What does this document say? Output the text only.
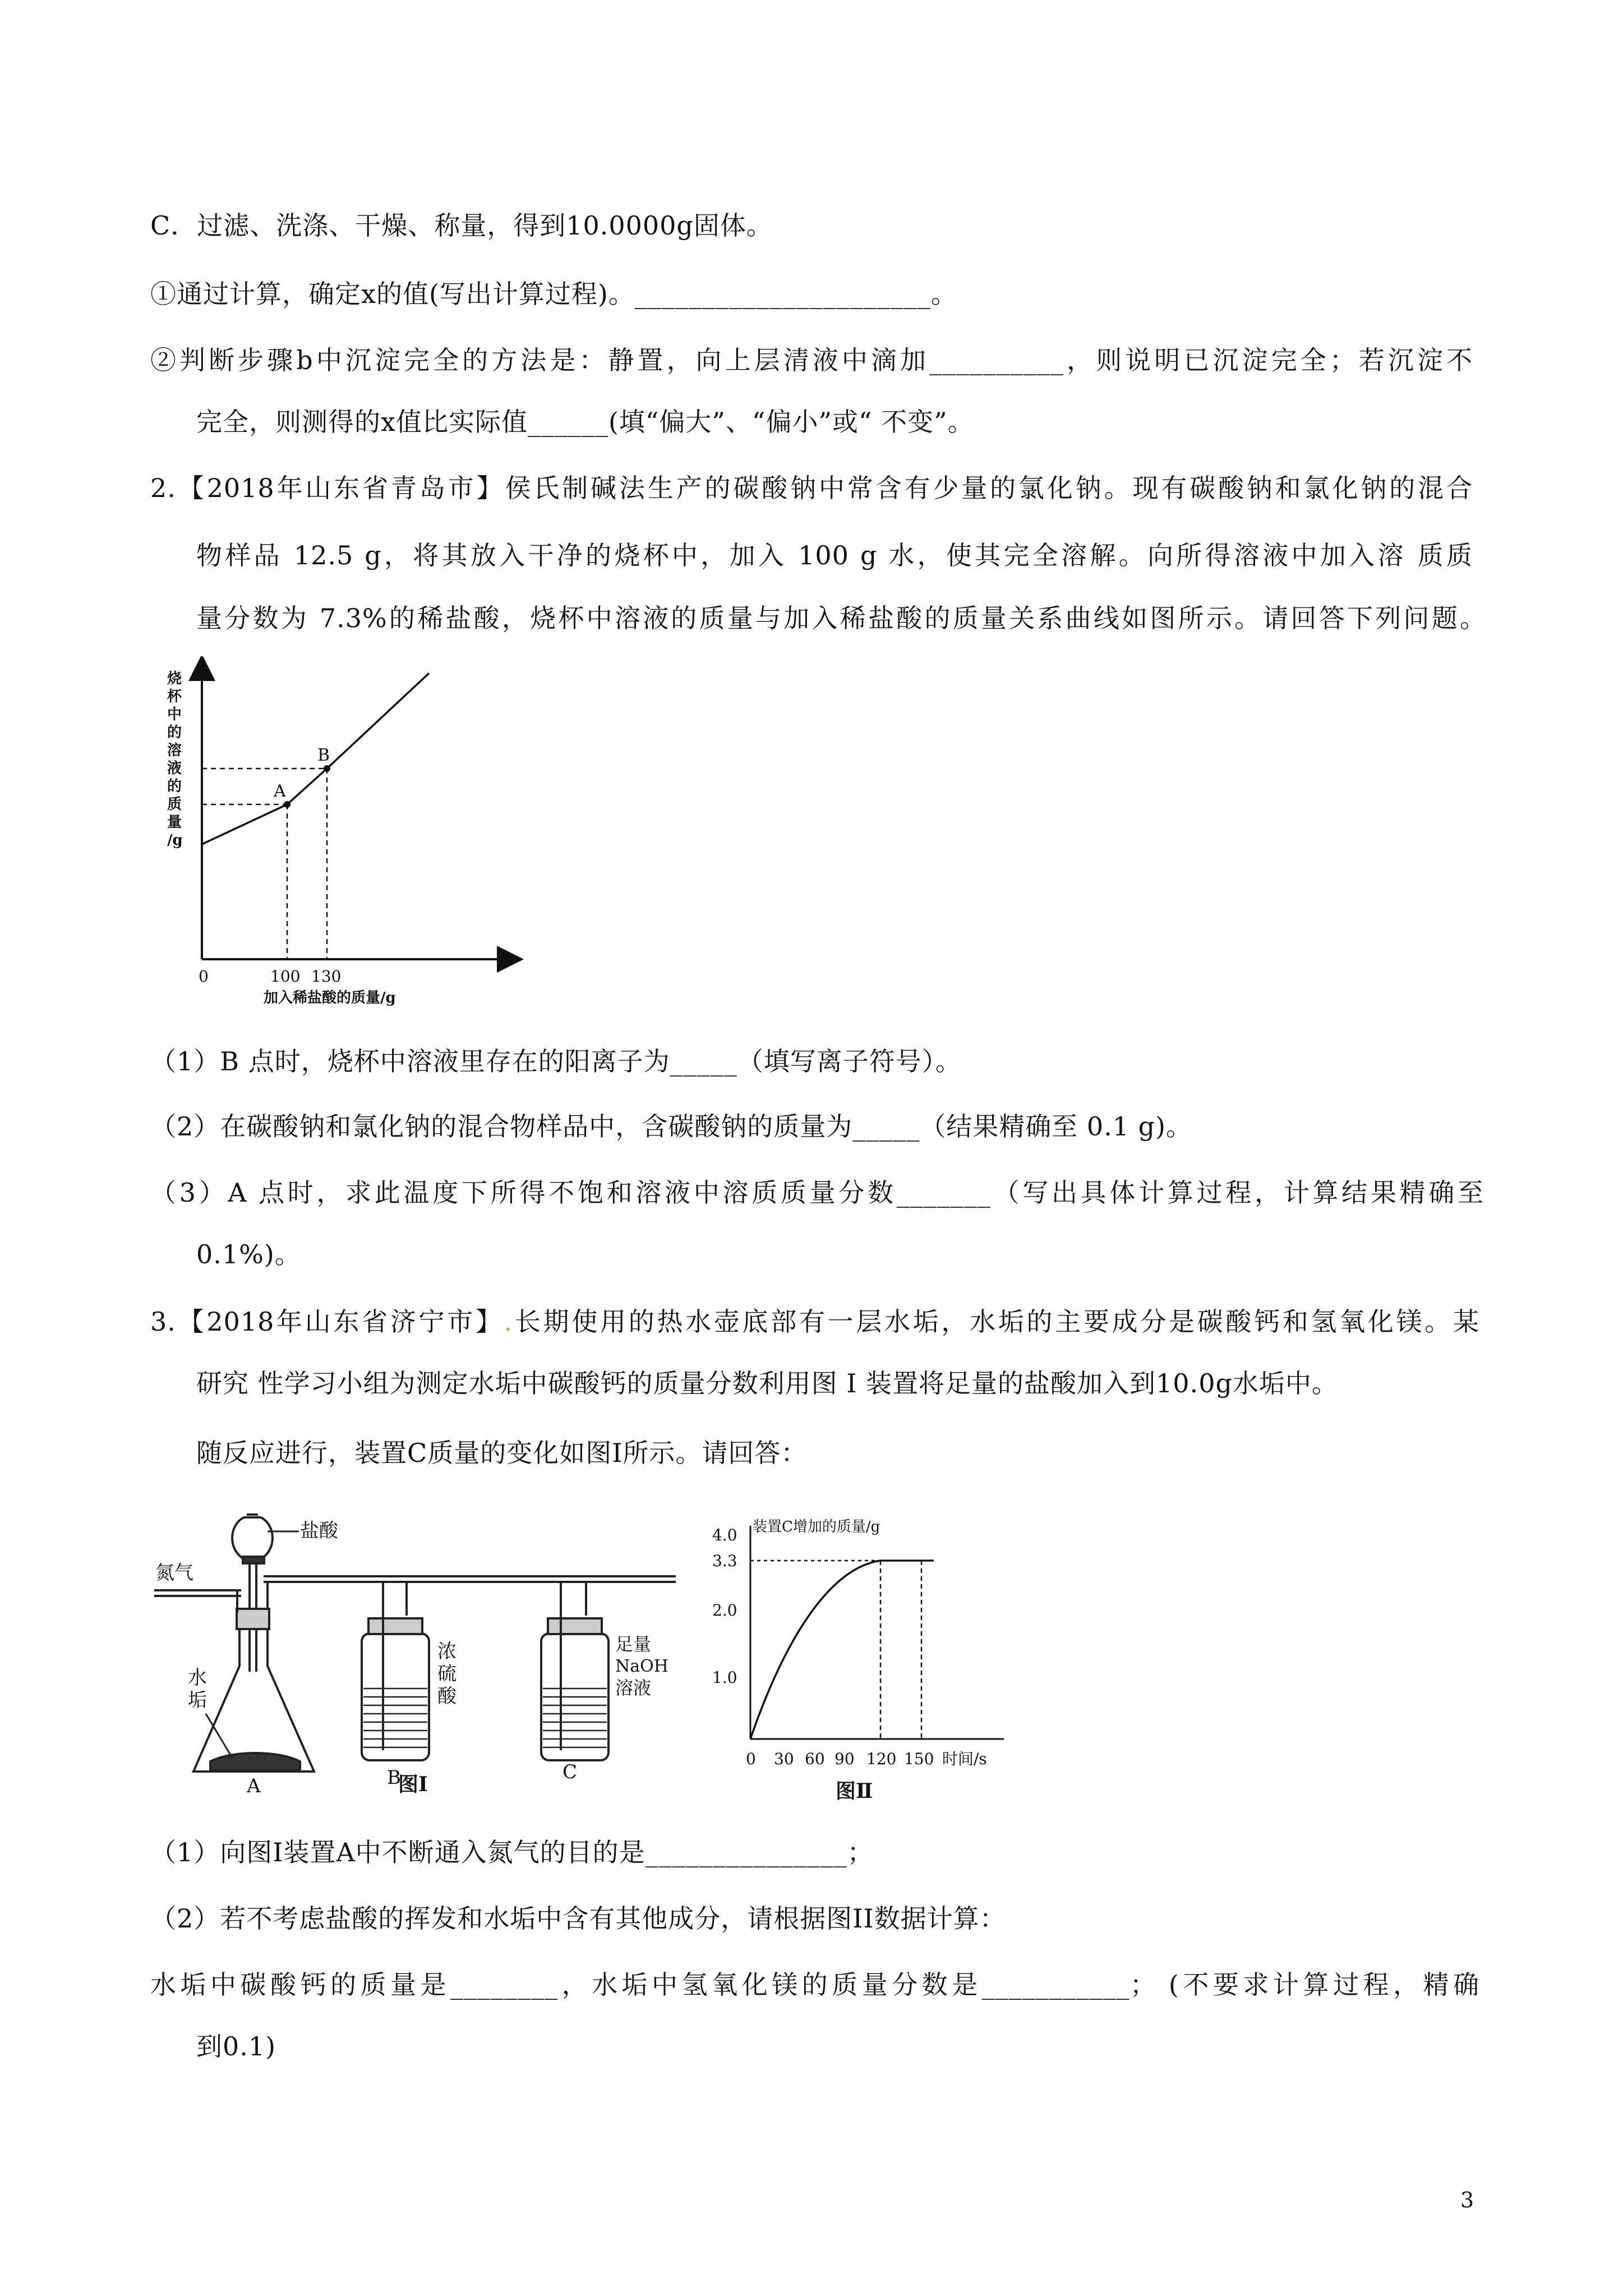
C．过滤、洗涤、干燥、称量，得到10.0000g固体。
①通过计算，确定x的值(写出计算过程)。______________________。
②判断步骤b中沉淀完全的方法是：静置，向上层清液中滴加__________，则说明已沉淀完全；若沉淀不
完全，则测得的x值比实际值______(填“偏大”、“偏小”或“ 不变”。
2.【2018年山东省青岛市】侯氏制碱法生产的碳酸钠中常含有少量的氯化钠。现有碳酸钠和氯化钠的混合
物样品 12.5 g，将其放入干净的烧杯中，加入 100 g 水，使其完全溶解。向所得溶液中加入溶 质质
量分数为 7.3%的稀盐酸，烧杯中溶液的质量与加入稀盐酸的质量关系曲线如图所示。请回答下列问题。
烧
杯
中
的
溶
液
的
质
量
/g
A
B
0	100 130
加入稀盐酸的质量/g
（1）B 点时，烧杯中溶液里存在的阳离子为_____（填写离子符号）。
（2）在碳酸钠和氯化钠的混合物样品中，含碳酸钠的质量为_____（结果精确至 0.1 g)。
（3）A 点时，求此温度下所得不饱和溶液中溶质质量分数_______（写出具体计算过程，计算结果精确至
0.1%)。
3.【2018年山东省济宁市】.长期使用的热水壶底部有一层水垢，水垢的主要成分是碳酸钙和氢氧化镁。某
研究 性学习小组为测定水垢中碳酸钙的质量分数利用图 I 装置将足量的盐酸加入到10.0g水垢中。
随反应进行，装置C质量的变化如图I所示。请回答：
氮气
盐酸
水
垢
A
浓
硫
酸
B
足量
NaOH
溶液
C
图Ⅰ
装置C增加的质量/g
4.0
3.3
2.0
1.0
0 30 60 90 120 150 时间/s
图Ⅱ
（1）向图I装置A中不断通入氮气的目的是_______________；
（2）若不考虑盐酸的挥发和水垢中含有其他成分，请根据图II数据计算：
水垢中碳酸钙的质量是________，水垢中氢氧化镁的质量分数是___________； (不要求计算过程，精确
到0.1)
3
